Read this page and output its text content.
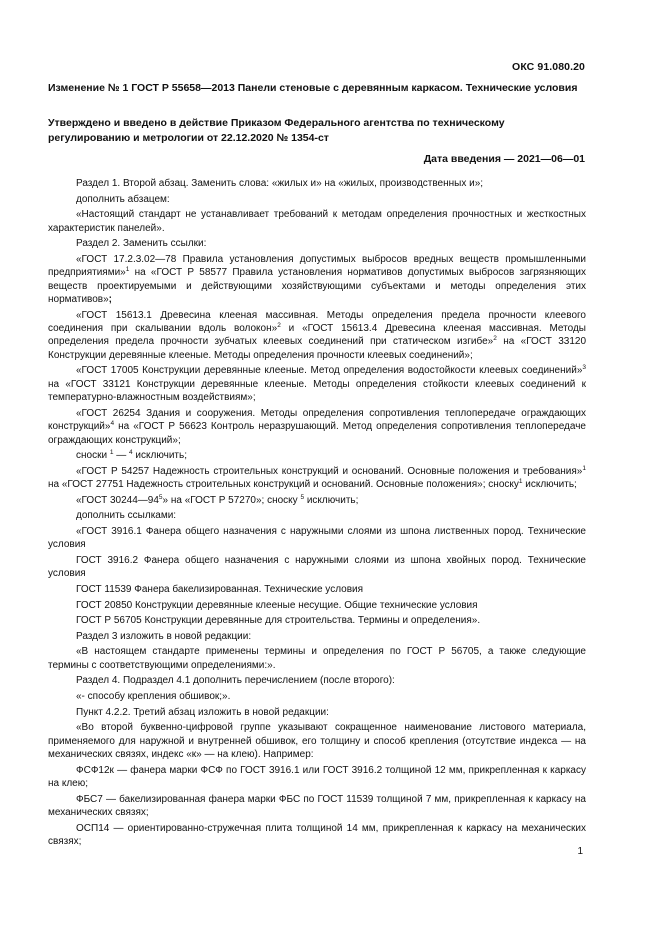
ОКС 91.080.20
Изменение № 1 ГОСТ Р 55658—2013 Панели стеновые с деревянным каркасом. Технические условия
Утверждено и введено в действие Приказом Федерального агентства по техническому регулированию и метрологии от 22.12.2020 № 1354-ст
Дата введения — 2021—06—01

Раздел 1. Второй абзац. Заменить слова: «жилых и» на «жилых, производственных и»;

дополнить абзацем:

«Настоящий стандарт не устанавливает требований к методам определения прочностных и жесткостных характеристик панелей».

Раздел 2. Заменить ссылки:

«ГОСТ 17.2.3.02—78 Правила установления допустимых выбросов вредных веществ промышленными предприятиями»$^1$ на «ГОСТ Р 58577 Правила установления нормативов допустимых выбросов загрязняющих веществ проектируемыми и действующими хозяйствующими субъектами и методы определения этих нормативов»;

«ГОСТ 15613.1 Древесина клееная массивная. Методы определения предела прочности клеевого соединения при скалывании вдоль волокон»$^2$ и «ГОСТ 15613.4 Древесина клееная массивная. Методы определения предела прочности зубчатых клеевых соединений при статическом изгибе»$^2$ на «ГОСТ 33120 Конструкции деревянные клееные. Методы определения прочности клеевых соединений»;

«ГОСТ 17005 Конструкции деревянные клееные. Метод определения водостойкости клеевых соединений»$^3$ на «ГОСТ 33121 Конструкции деревянные клееные. Методы определения стойкости клеевых соединений к температурно-влажностным воздействиям»;

«ГОСТ 26254 Здания и сооружения. Методы определения сопротивления теплопередаче ограждающих конструкций»$^4$ на «ГОСТ Р 56623 Контроль неразрушающий. Метод определения сопротивления теплопередаче ограждающих конструкций»;

сноски $^1$ — $^4$ исключить;

«ГОСТ Р 54257 Надежность строительных конструкций и оснований. Основные положения и требования»$^1$ на «ГОСТ 27751 Надежность строительных конструкций и оснований. Основные положения»; сноску$^1$ исключить;

«ГОСТ $30244—94^5$» на «ГОСТ Р 57270»; сноску $^5$ исключить;

дополнить ссылками:

«ГОСТ 3916.1 Фанера общего назначения с наружными слоями из шпона лиственных пород. Технические условия

ГОСТ 3916.2 Фанера общего назначения с наружными слоями из шпона хвойных пород. Технические условия

ГОСТ 11539 Фанера бакелизированная. Технические условия

ГОСТ 20850 Конструкции деревянные клееные несущие. Общие технические условия

ГОСТ Р 56705 Конструкции деревянные для строительства. Термины и определения».

Раздел 3 изложить в новой редакции:

«В настоящем стандарте применены термины и определения по ГОСТ Р 56705, а также следующие термины с соответствующими определениями:».

Раздел 4. Подраздел 4.1 дополнить перечислением (после второго):

«- способу крепления обшивок;».

Пункт 4.2.2. Третий абзац изложить в новой редакции:

«Во второй буквенно-цифровой группе указывают сокращенное наименование листового материала, применяемого для наружной и внутренней обшивок, его толщину и способ крепления (отсутствие индекса — на механических связях, индекс «к» — на клею). Например:

ФСФ12к — фанера марки ФСФ по ГОСТ 3916.1 или ГОСТ 3916.2 толщиной 12 мм, прикрепленная к каркасу на клею;

ФБС7 — бакелизированная фанера марки ФБС по ГОСТ 11539 толщиной 7 мм, прикрепленная к каркасу на механических связях;

ОСП14 — ориентированно-стружечная плита толщиной 14 мм, прикрепленная к каркасу на механических связях;

1
